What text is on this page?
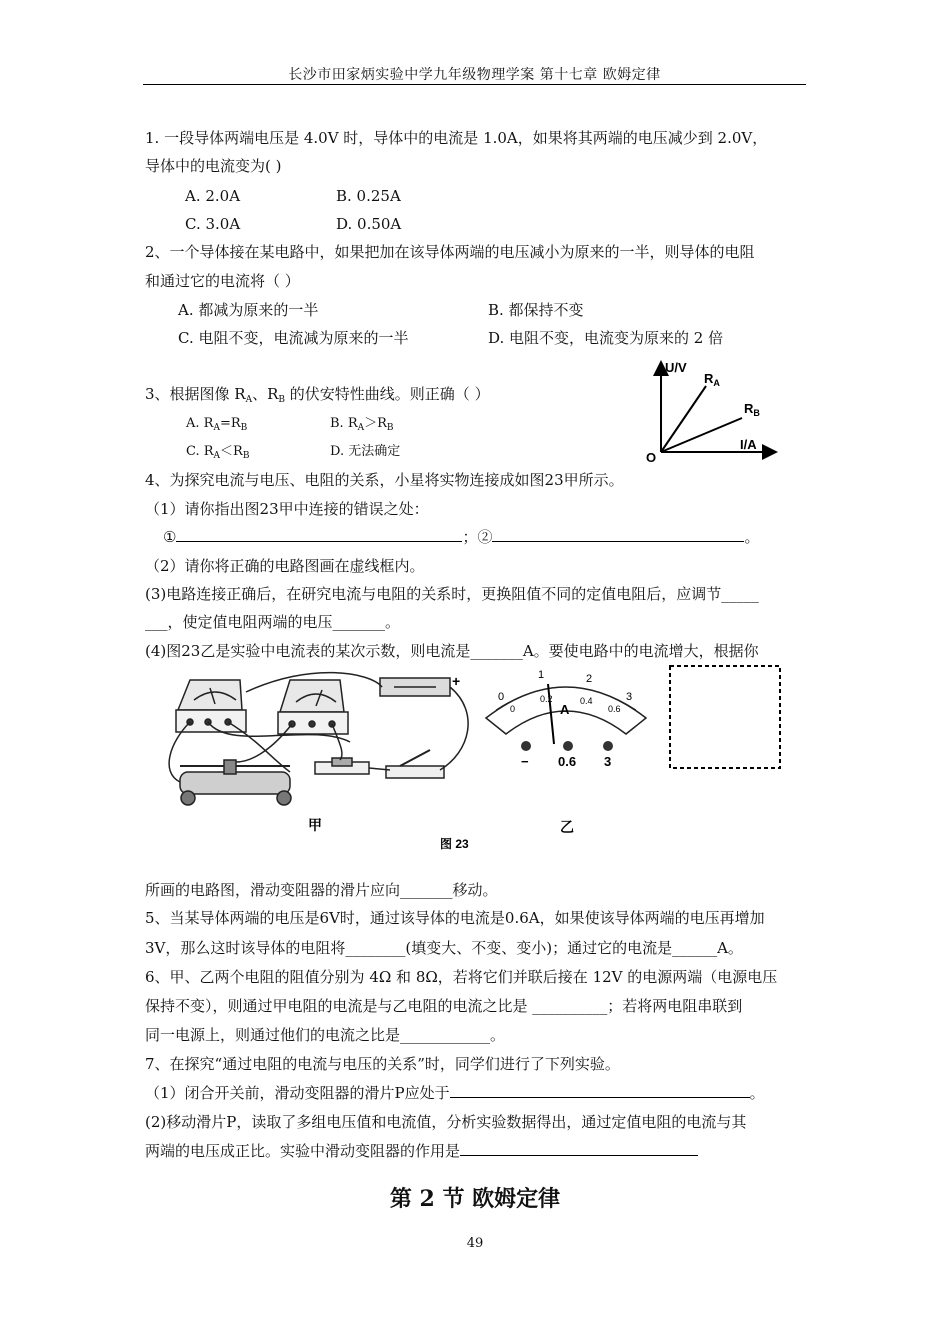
长沙市田家炳实验中学九年级物理学案 第十七章 欧姆定律
1. 一段导体两端电压是 4.0V 时，导体中的电流是 1.0A，如果将其两端的电压减少到 2.0V，
导体中的电流变为( )
A. 2.0A	B. 0.25A
C. 3.0A	D. 0.50A
2、一个导体接在某电路中，如果把加在该导体两端的电压减小为原来的一半，则导体的电阻
和通过它的电流将（ ）
A. 都减为原来的一半	B. 都保持不变
C. 电阻不变，电流减为原来的一半	D. 电阻不变，电流变为原来的 2 倍
3、根据图像 $R_A$、$R_B$ 的伏安特性曲线。则正确（ ）
A. $R_A=R_B$	B. $R_A>R_B$
C. $R_A<R_B$	D. 无法确定
U/V
I/A
O
$R_A$
$R_B$
4、为探究电流与电压、电阻的关系，小星将实物连接成如图23甲所示。
（1）请你指出图23甲中连接的错误之处：
①	；②	。
（2）请你将正确的电路图画在虚线框内。
(3)电路连接正确后，在研究电流与电阻的关系时，更换阻值不同的定值电阻后，应调节_____
___，使定值电阻两端的电压_______。
(4)图23乙是实验中电流表的某次示数，则电流是_______A。要使电路中的电流增大，根据你
+
甲
0
1	2
3
0
0.2	0.4
0.6
A
− 0.6 3
乙
图 23
所画的电路图，滑动变阻器的滑片应向_______移动。
5、当某导体两端的电压是6V时，通过该导体的电流是0.6A，如果使该导体两端的电压再增加
3V，那么这时该导体的电阻将________(填变大、不变、变小)；通过它的电流是______A。
6、甲、乙两个电阻的阻值分别为 4Ω 和 8Ω，若将它们并联后接在 12V 的电源两端（电源电压
保持不变），则通过甲电阻的电流是与乙电阻的电流之比是 __________；若将两电阻串联到
同一电源上，则通过他们的电流之比是____________。
7、在探究“通过电阻的电流与电压的关系”时，同学们进行了下列实验。
（1）闭合开关前，滑动变阻器的滑片P应处于	。
(2)移动滑片P，读取了多组电压值和电流值，分析实验数据得出，通过定值电阻的电流与其
两端的电压成正比。实验中滑动变阻器的作用是
第 2 节 欧姆定律
49
